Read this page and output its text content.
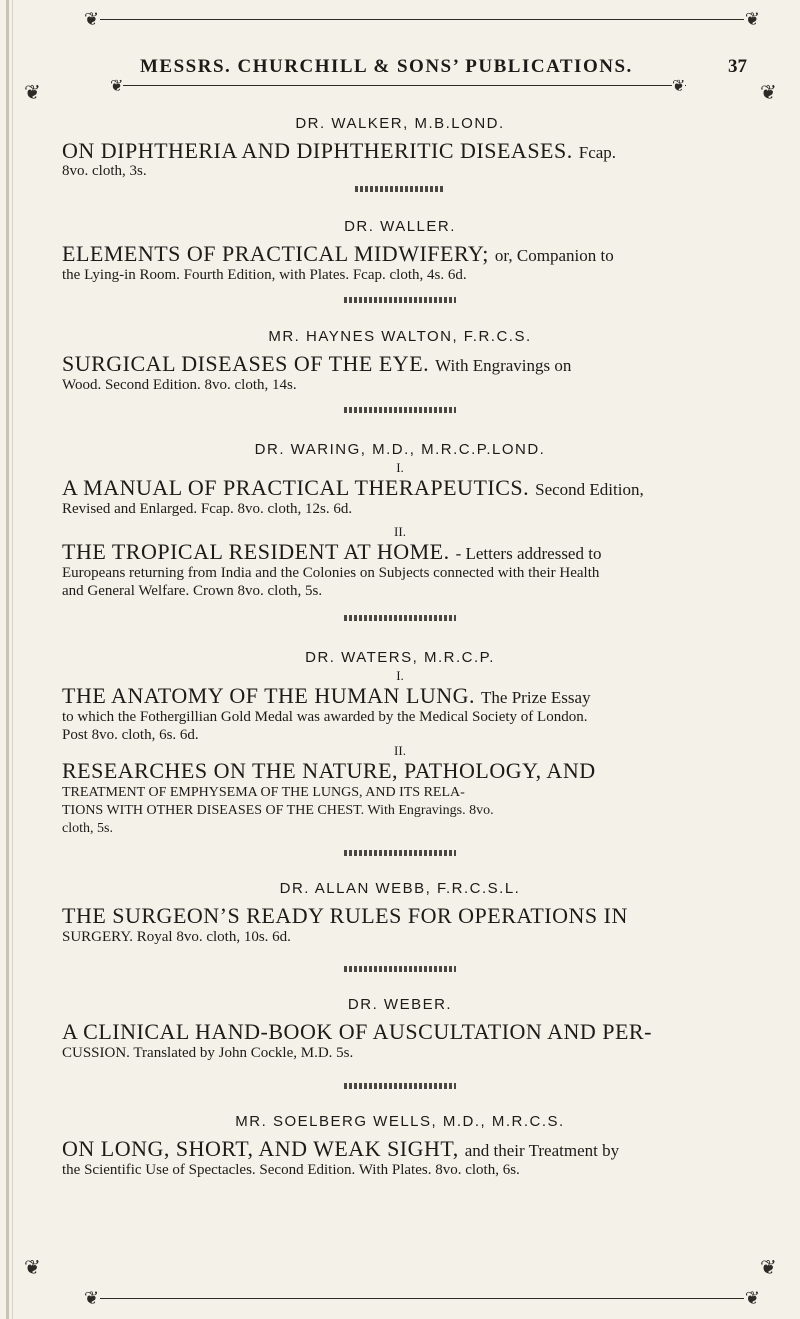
❦	❦
MESSRS. CHURCHILL & SONS’ PUBLICATIONS.	37
❦	❦
❦	❦
❦	❦
DR. WALKER, M.B.LOND.
ON DIPHTHERIA AND DIPHTHERITIC DISEASES. Fcap.
8vo. cloth, 3s.
DR. WALLER.
ELEMENTS OF PRACTICAL MIDWIFERY; or, Companion to
the Lying-in Room. Fourth Edition, with Plates. Fcap. cloth, 4s. 6d.
MR. HAYNES WALTON, F.R.C.S.
SURGICAL DISEASES OF THE EYE. With Engravings on
Wood. Second Edition. 8vo. cloth, 14s.
DR. WARING, M.D., M.R.C.P.LOND.
I.
A MANUAL OF PRACTICAL THERAPEUTICS. Second Edition,
Revised and Enlarged. Fcap. 8vo. cloth, 12s. 6d.
II.
THE TROPICAL RESIDENT AT HOME. - Letters addressed to
Europeans returning from India and the Colonies on Subjects connected with their Health
and General Welfare. Crown 8vo. cloth, 5s.
DR. WATERS, M.R.C.P.
I.
THE ANATOMY OF THE HUMAN LUNG. The Prize Essay
to which the Fothergillian Gold Medal was awarded by the Medical Society of London.
Post 8vo. cloth, 6s. 6d.
II.
RESEARCHES ON THE NATURE, PATHOLOGY, AND
TREATMENT OF EMPHYSEMA OF THE LUNGS, AND ITS RELA-
TIONS WITH OTHER DISEASES OF THE CHEST. With Engravings. 8vo.
cloth, 5s.
DR. ALLAN WEBB, F.R.C.S.L.
THE SURGEON’S READY RULES FOR OPERATIONS IN
SURGERY. Royal 8vo. cloth, 10s. 6d.
DR. WEBER.
A CLINICAL HAND-BOOK OF AUSCULTATION AND PER-
CUSSION. Translated by John Cockle, M.D. 5s.
MR. SOELBERG WELLS, M.D., M.R.C.S.
ON LONG, SHORT, AND WEAK SIGHT, and their Treatment by
the Scientific Use of Spectacles. Second Edition. With Plates. 8vo. cloth, 6s.
❦	❦
